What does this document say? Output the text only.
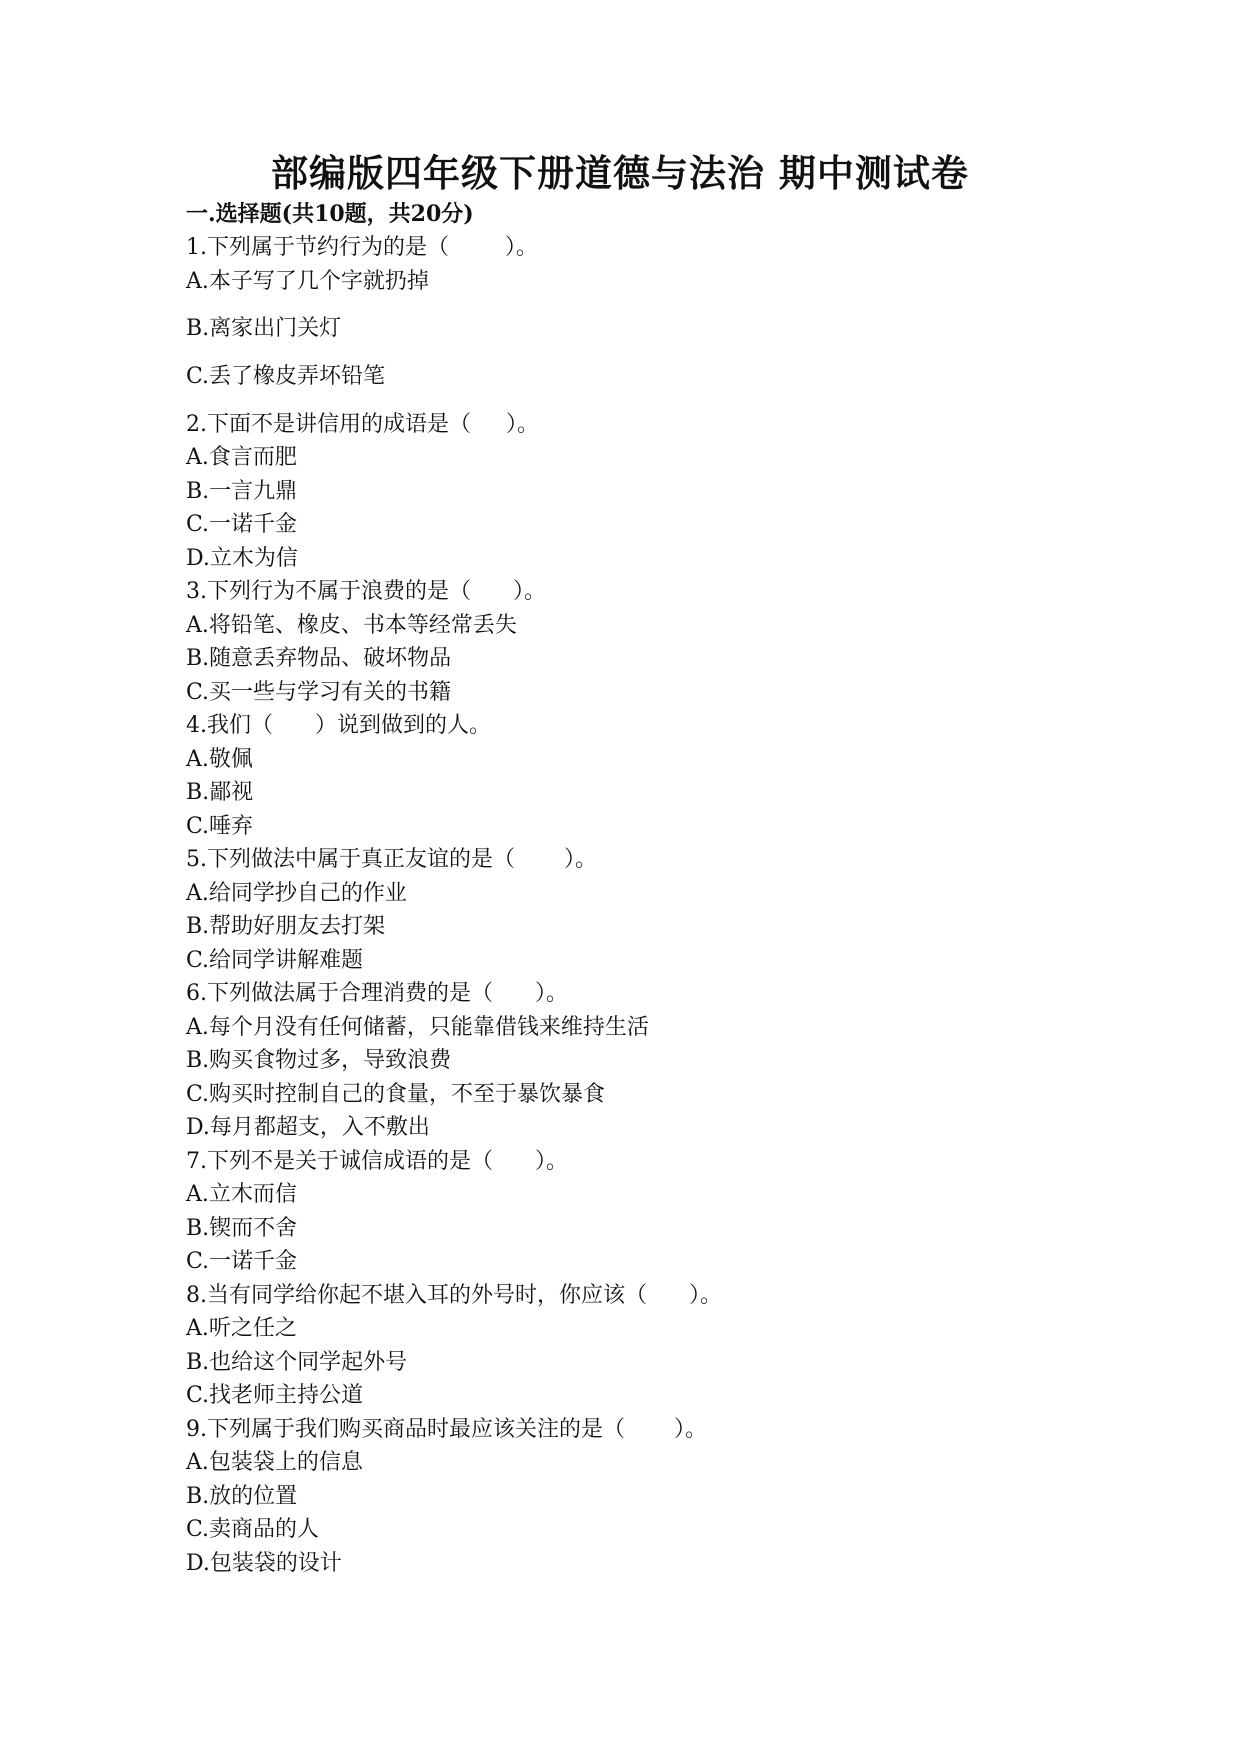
部编版四年级下册道德与法治 期中测试卷
一.选择题(共10题，共20分)
1.下列属于节约行为的是（        ）。
A.本子写了几个字就扔掉
B.离家出门关灯
C.丢了橡皮弄坏铅笔
2.下面不是讲信用的成语是（     ）。
A.食言而肥
B.一言九鼎
C.一诺千金
D.立木为信
3.下列行为不属于浪费的是（      ）。
A.将铅笔、橡皮、书本等经常丢失
B.随意丢弃物品、破坏物品
C.买一些与学习有关的书籍
4.我们（      ）说到做到的人。
A.敬佩
B.鄙视
C.唾弃
5.下列做法中属于真正友谊的是（       ）。
A.给同学抄自己的作业
B.帮助好朋友去打架
C.给同学讲解难题
6.下列做法属于合理消费的是（      ）。
A.每个月没有任何储蓄，只能靠借钱来维持生活
B.购买食物过多，导致浪费
C.购买时控制自己的食量，不至于暴饮暴食
D.每月都超支，入不敷出
7.下列不是关于诚信成语的是（      ）。
A.立木而信
B.锲而不舍
C.一诺千金
8.当有同学给你起不堪入耳的外号时，你应该（      ）。
A.听之任之
B.也给这个同学起外号
C.找老师主持公道
9.下列属于我们购买商品时最应该关注的是（       ）。
A.包装袋上的信息
B.放的位置
C.卖商品的人
D.包装袋的设计
